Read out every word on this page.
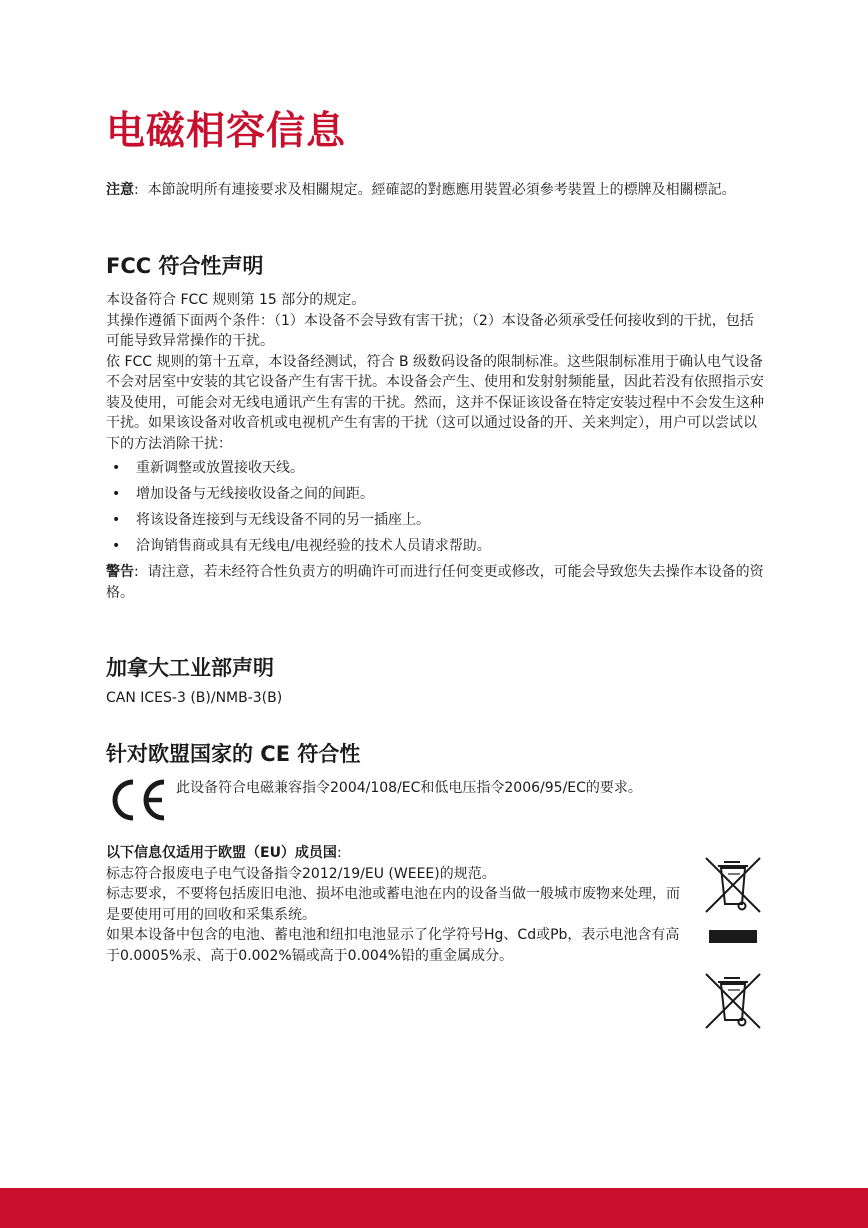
电磁相容信息

注意: 本節說明所有連接要求及相關規定。經確認的對應應用裝置必須參考裝置上的標牌及相關標記。

FCC 符合性声明

本设备符合 FCC 规则第 15 部分的规定。

其操作遵循下面两个条件：（1）本设备不会导致有害干扰；（2）本设备必须承受任何接收到的干扰，包括可能导致异常操作的干扰。

依 FCC 规则的第十五章，本设备经测试，符合 B 级数码设备的限制标准。这些限制标准用于确认电气设备不会对居室中安装的其它设备产生有害干扰。本设备会产生、使用和发射射频能量，因此若没有依照指示安装及使用，可能会对无线电通讯产生有害的干扰。然而，这并不保证该设备在特定安装过程中不会发生这种干扰。如果该设备对收音机或电视机产生有害的干扰（这可以通过设备的开、关来判定），用户可以尝试以下的方法消除干扰：

• 重新调整或放置接收天线。
• 增加设备与无线接收设备之间的间距。
• 将该设备连接到与无线设备不同的另一插座上。
• 洽询销售商或具有无线电/电视经验的技术人员请求帮助。

警告: 请注意，若未经符合性负责方的明确许可而进行任何变更或修改，可能会导致您失去操作本设备的资格。

加拿大工业部声明
CAN ICES-3 (B)/NMB-3(B)
针对欧盟国家的 CE 符合性

此设备符合电磁兼容指令2004/108/EC和低电压指令2006/95/EC的要求。

以下信息仅适用于欧盟（EU）成员国:

标志符合报废电子电气设备指令2012/19/EU (WEEE)的规范。

标志要求，不要将包括废旧电池、损坏电池或蓄电池在内的设备当做一般城市废物来处理，而是要使用可用的回收和采集系统。

如果本设备中包含的电池、蓄电池和纽扣电池显示了化学符号Hg、Cd或Pb，表示电池含有高于0.0005%汞、高于0.002%镉或高于0.004%铅的重金属成分。
